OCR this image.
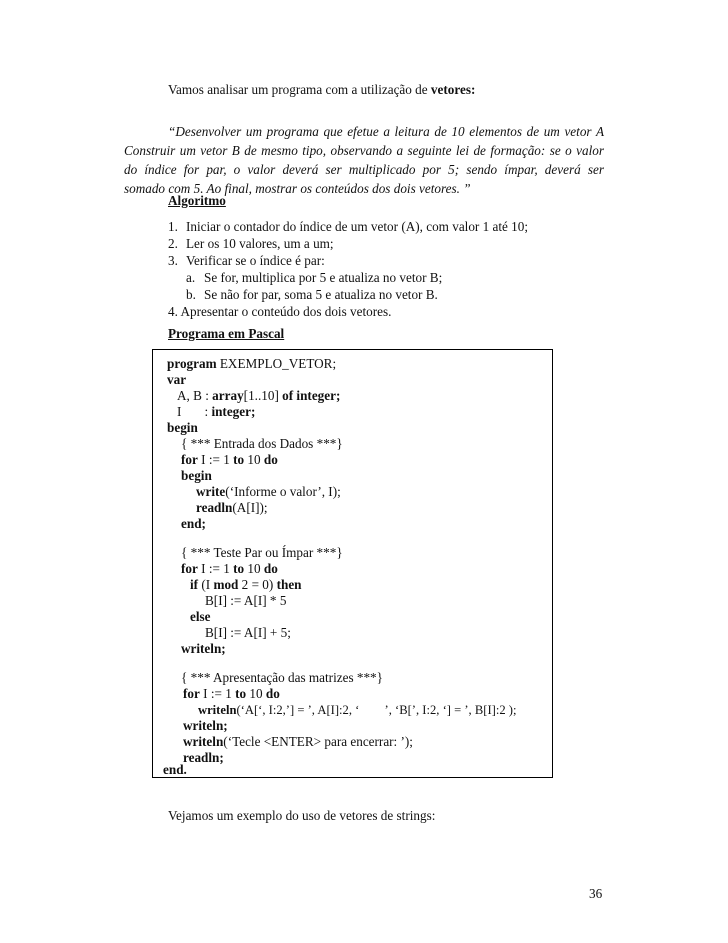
Vamos analisar um programa com a utilização de vetores:
“Desenvolver um programa que efetue a leitura de 10 elementos de um vetor A
Construir um vetor B de mesmo tipo, observando a seguinte lei de formação: se o valor
do índice for par, o valor deverá ser multiplicado por 5; sendo ímpar, deverá ser
somado com 5. Ao final, mostrar os conteúdos dos dois vetores. ”
Algoritmo
1. Iniciar o contador do índice de um vetor (A), com valor 1 até 10;
2. Ler os 10 valores, um a um;
3. Verificar se o índice é par:
a. Se for, multiplica por 5 e atualiza no vetor B;
b. Se não for par, soma 5 e atualiza no vetor B.
4. Apresentar o conteúdo dos dois vetores.
Programa em Pascal
program EXEMPLO_VETOR;
var
A, B : array[1..10] of integer;
I       : integer;
begin
{ *** Entrada dos Dados ***}
for I := 1 to 10 do
begin
write(‘Informe o valor’, I);
readln(A[I]);
end;
{ *** Teste Par ou Ímpar ***}
for I := 1 to 10 do
if (I mod 2 = 0) then
B[I] := A[I] * 5
else
B[I] := A[I] + 5;
writeln;
{ *** Apresentação das matrizes ***}
for I := 1 to 10 do
writeln(‘A[‘, I:2,’] = ’, A[I]:2, ‘        ’, ‘B[’, I:2, ‘] = ’, B[I]:2 );
writeln;
writeln(‘Tecle <ENTER> para encerrar: ’);
readln;
end.
Vejamos um exemplo do uso de vetores de strings:
36
